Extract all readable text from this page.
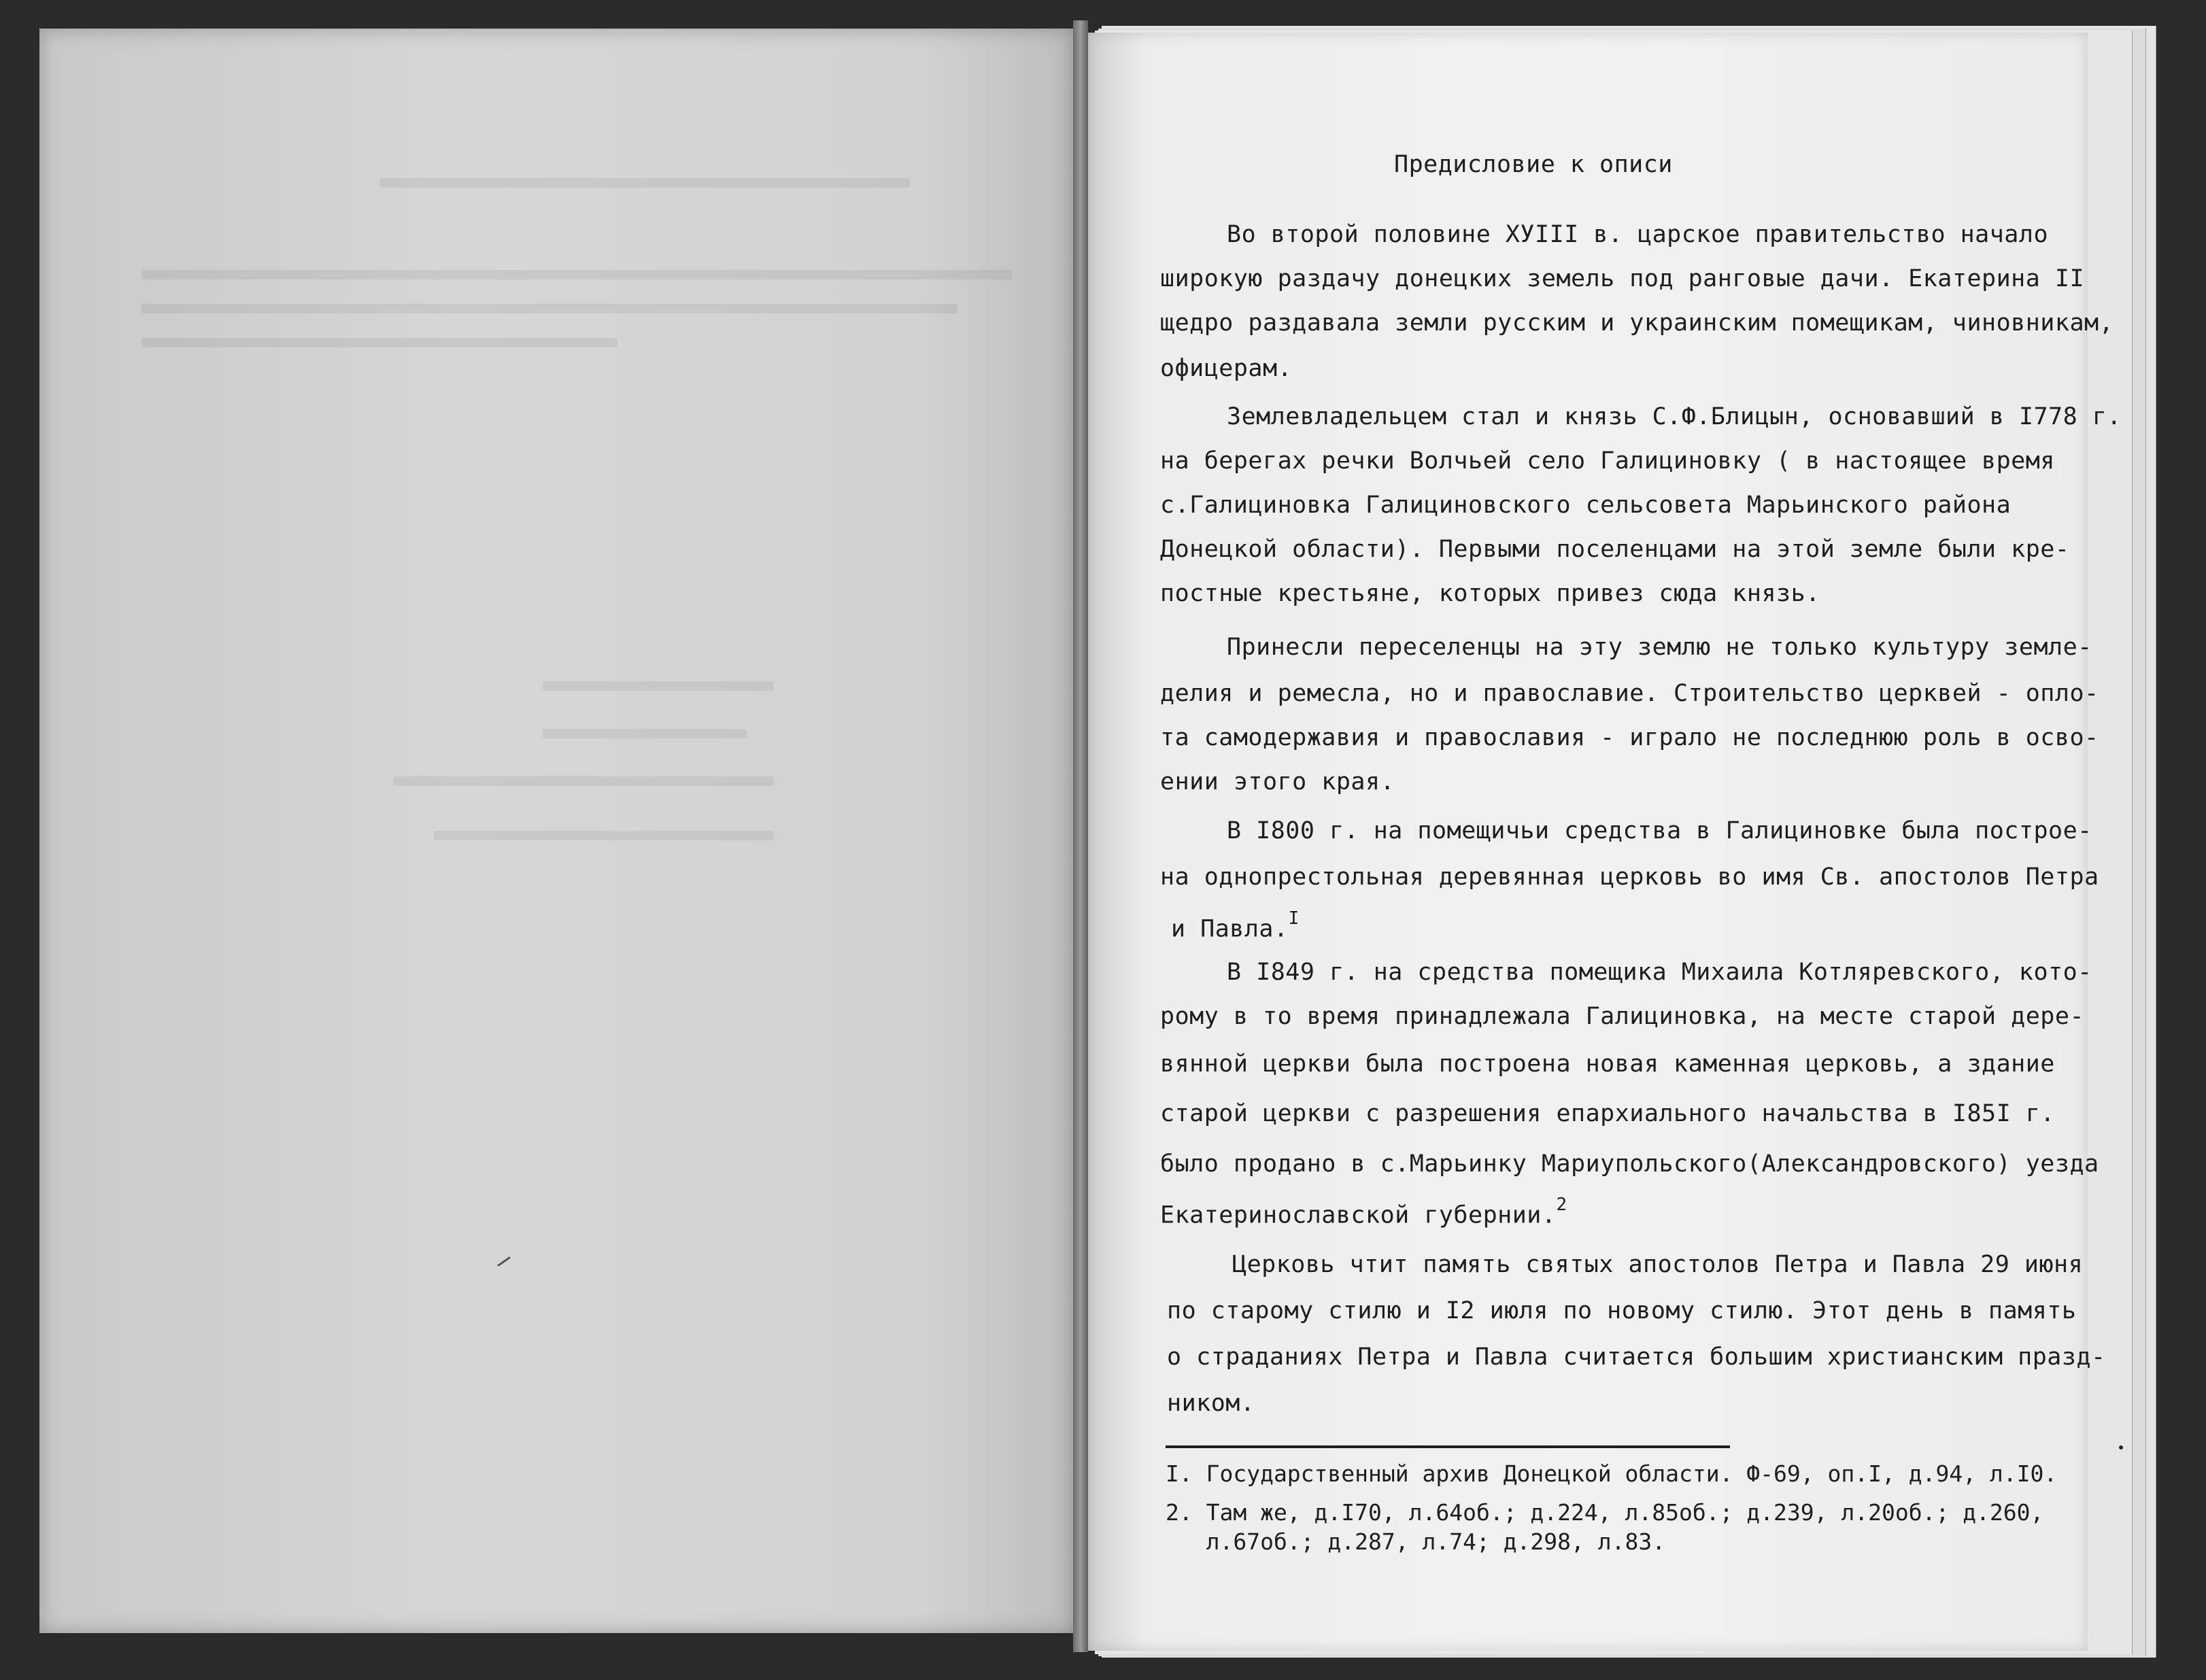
Предисловие к описи
Во второй половине ХУIII в. царское правительство начало
широкую раздачу донецких земель под ранговые дачи. Екатерина II
щедро раздавала земли русским и украинским помещикам, чиновникам,
офицерам.
Землевладельцем стал и князь С.Ф.Блицын, основавший в I778 г.
на берегах речки Волчьей село Галициновку ( в настоящее время
с.Галициновка Галициновского сельсовета Марьинского района
Донецкой области). Первыми поселенцами на этой земле были кре-
постные крестьяне, которых привез сюда князь.
Принесли переселенцы на эту землю не только культуру земле-
делия и ремесла, но и православие. Строительство церквей - опло-
та самодержавия и православия - играло не последнюю роль в осво-
ении этого края.
В I800 г. на помещичьи средства в Галициновке была построе-
на однопрестольная деревянная церковь во имя Св. апостолов Петра
и Павла.$^I$
В I849 г. на средства помещика Михаила Котляревского, кото-
рому в то время принадлежала Галициновка, на месте старой дере-
вянной церкви была построена новая каменная церковь, а здание
старой церкви с разрешения епархиального начальства в I85I г.
было продано в с.Марьинку Мариупольского(Александровского) уезда
Екатеринославской губернии.$^2$
Церковь чтит память святых апостолов Петра и Павла 29 июня
по старому стилю и I2 июля по новому стилю. Этот день в память
о страданиях Петра и Павла считается большим христианским празд-
ником.
I. Государственный архив Донецкой области. Ф-69, оп.I, д.94, л.I0.
2. Там же, д.I70, л.64об.; д.224, л.85об.; д.239, л.20об.; д.260,
л.67об.; д.287, л.74; д.298, л.83.
